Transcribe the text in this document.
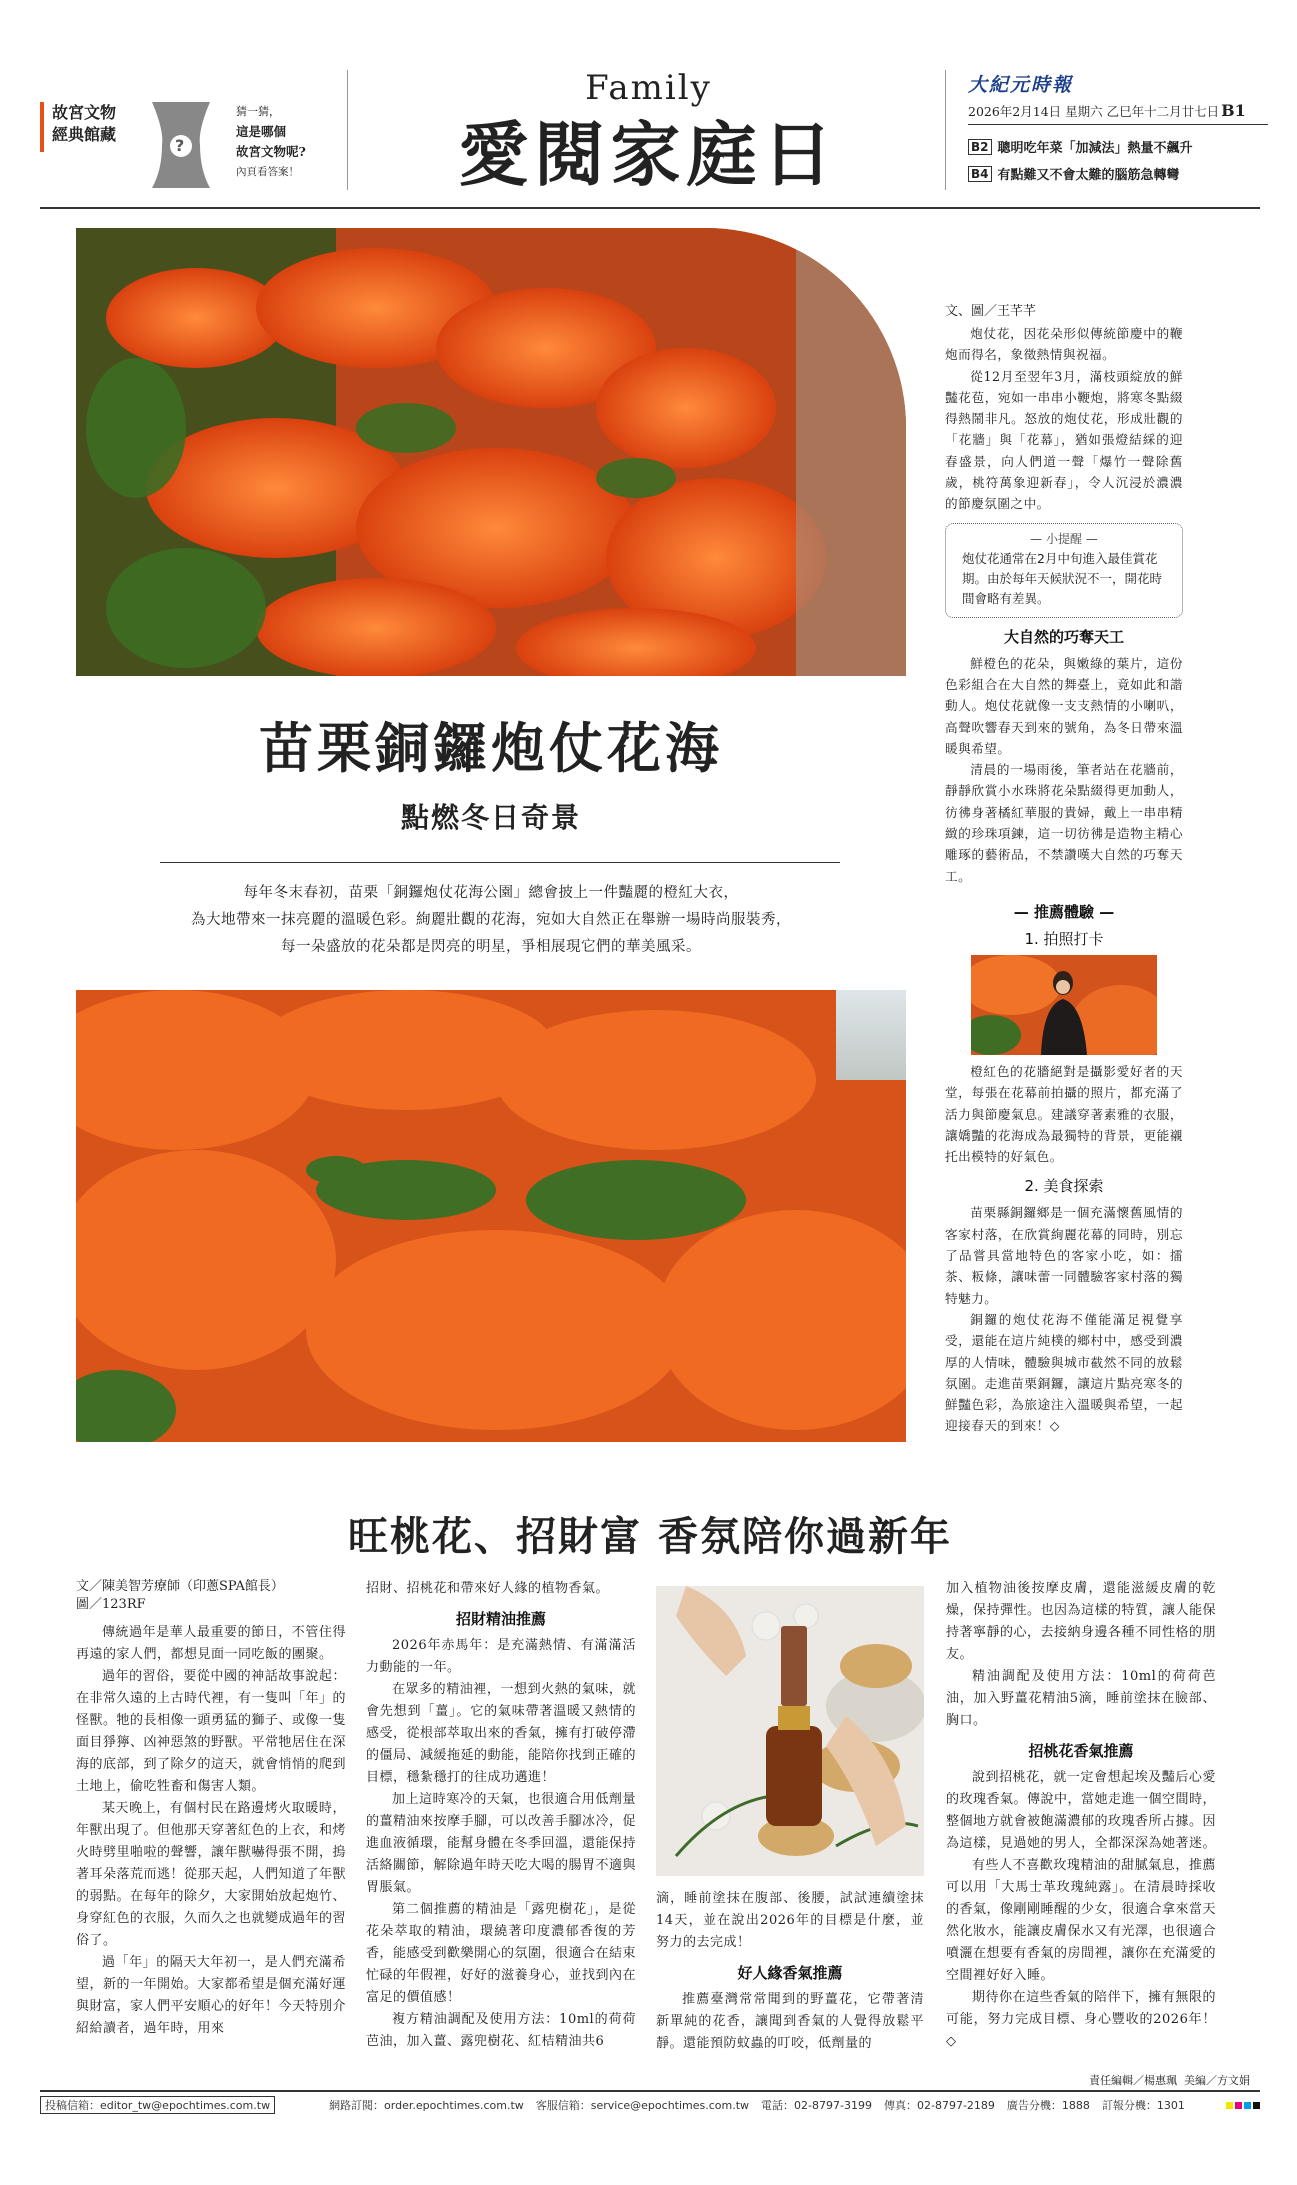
故宮文物
經典館藏
?
猜一猜，
這是哪個
故宮文物呢?
內頁看答案！
Family
愛閱家庭日
大紀元時報
2026年2月14日 星期六 乙巳年十二月廿七日 B1
B2 聰明吃年菜「加減法」熱量不飆升
B4 有點難又不會太難的腦筋急轉彎
苗栗銅鑼炮仗花海
點燃冬日奇景
每年冬末春初，苗栗「銅鑼炮仗花海公園」總會披上一件豔麗的橙紅大衣，
為大地帶來一抹亮麗的溫暖色彩。絢麗壯觀的花海，宛如大自然正在舉辦一場時尚服裝秀，
每一朵盛放的花朵都是閃亮的明星，爭相展現它們的華美風采。
文、圖／王芊芊

炮仗花，因花朵形似傳統節慶中的鞭炮而得名，象徵熱情與祝福。

從12月至翌年3月，滿枝頭綻放的鮮豔花苞，宛如一串串小鞭炮，將寒冬點綴得熱鬧非凡。怒放的炮仗花，形成壯觀的「花牆」與「花幕」，猶如張燈結綵的迎春盛景，向人們道一聲「爆竹一聲除舊歲，桃符萬象迎新春」，令人沉浸於濃濃的節慶氛圍之中。

— 小提醒 —
炮仗花通常在2月中旬進入最佳賞花期。由於每年天候狀況不一，開花時間會略有差異。
大自然的巧奪天工

鮮橙色的花朵，與嫩綠的葉片，這份色彩組合在大自然的舞臺上，竟如此和諧動人。炮仗花就像一支支熱情的小喇叭，高聲吹響春天到來的號角，為冬日帶來溫暖與希望。

清晨的一場雨後，筆者站在花牆前，靜靜欣賞小水珠將花朵點綴得更加動人，彷彿身著橘紅華服的貴婦，戴上一串串精緻的珍珠項鍊，這一切彷彿是造物主精心雕琢的藝術品，不禁讚嘆大自然的巧奪天工。

— 推薦體驗 —
1. 拍照打卡

橙紅色的花牆絕對是攝影愛好者的天堂，每張在花幕前拍攝的照片，都充滿了活力與節慶氣息。建議穿著素雅的衣服，讓嬌豔的花海成為最獨特的背景，更能襯托出模特的好氣色。

2. 美食探索

苗栗縣銅鑼鄉是一個充滿懷舊風情的客家村落，在欣賞絢麗花幕的同時，別忘了品嘗具當地特色的客家小吃，如：擂茶、粄條，讓味蕾一同體驗客家村落的獨特魅力。

銅鑼的炮仗花海不僅能滿足視覺享受，還能在這片純樸的鄉村中，感受到濃厚的人情味，體驗與城市截然不同的放鬆氛圍。走進苗栗銅鑼，讓這片點亮寒冬的鮮豔色彩，為旅途注入溫暖與希望，一起迎接春天的到來！◇

旺桃花、招財富 香氛陪你過新年
文／陳美智芳療師（印蔥SPA館長）
圖／123RF

傳統過年是華人最重要的節日，不管住得再遠的家人們，都想見面一同吃飯的團聚。

過年的習俗，要從中國的神話故事說起：在非常久遠的上古時代裡，有一隻叫「年」的怪獸。牠的長相像一頭勇猛的獅子、或像一隻面目猙獰、凶神惡煞的野獸。平常牠居住在深海的底部，到了除夕的這天，就會悄悄的爬到土地上，偷吃牲畜和傷害人類。

某天晚上，有個村民在路邊烤火取暖時，年獸出現了。但他那天穿著紅色的上衣，和烤火時劈里啪啦的聲響，讓年獸嚇得張不開，摀著耳朵落荒而逃！從那天起，人們知道了年獸的弱點。在每年的除夕，大家開始放起炮竹、身穿紅色的衣服，久而久之也就變成過年的習俗了。

過「年」的隔天大年初一，是人們充滿希望，新的一年開始。大家都希望是個充滿好運與財富，家人們平安順心的好年！今天特別介紹給讀者，過年時，用來

招財、招桃花和帶來好人緣的植物香氣。

招財精油推薦

2026年赤馬年：是充滿熱情、有滿滿活力動能的一年。

在眾多的精油裡，一想到火熱的氣味，就會先想到「薑」。它的氣味帶著溫暖又熱情的感受，從根部萃取出來的香氣，擁有打破停滯的僵局、減緩拖延的動能，能陪你找到正確的目標，穩紮穩打的往成功邁進！

加上這時寒冷的天氣，也很適合用低劑量的薑精油來按摩手腳，可以改善手腳冰冷，促進血液循環，能幫身體在冬季回溫，還能保持活絡關節，解除過年時天吃大喝的腸胃不適與胃脹氣。

第二個推薦的精油是「露兜樹花」，是從花朵萃取的精油，環繞著印度濃郁香復的芳香，能感受到歡樂開心的氛圍，很適合在結束忙碌的年假裡，好好的滋養身心，並找到內在富足的價值感！

複方精油調配及使用方法：10ml的荷荷芭油，加入薑、露兜樹花、紅桔精油共6

滴，睡前塗抹在腹部、後腰，試試連續塗抹14天，並在說出2026年的目標是什麼，並努力的去完成！

好人緣香氣推薦

推薦臺灣常常聞到的野薑花，它帶著清新單純的花香，讓聞到香氣的人覺得放鬆平靜。還能預防蚊蟲的叮咬，低劑量的

加入植物油後按摩皮膚，還能滋緩皮膚的乾燥，保持彈性。也因為這樣的特質，讓人能保持著寧靜的心，去接納身邊各種不同性格的朋友。

精油調配及使用方法：10ml的荷荷芭油，加入野薑花精油5滴，睡前塗抹在臉部、胸口。

招桃花香氣推薦

說到招桃花，就一定會想起埃及豔后心愛的玫瑰香氣。傳說中，當她走進一個空間時，整個地方就會被飽滿濃郁的玫瑰香所占據。因為這樣，見過她的男人，全都深深為她著迷。

有些人不喜歡玫瑰精油的甜膩氣息，推薦可以用「大馬士革玫瑰純露」。在清晨時採收的香氣，像剛剛睡醒的少女，很適合拿來當天然化妝水，能讓皮膚保水又有光澤，也很適合噴灑在想要有香氣的房間裡，讓你在充滿愛的空間裡好好入睡。

期待你在這些香氣的陪伴下，擁有無限的可能，努力完成目標、身心豐收的2026年！◇

責任編輯／楊惠珮  美編／方文娟
投稿信箱：editor_tw@epochtimes.com.tw	網路訂閱：order.epochtimes.com.tw 客服信箱：service@epochtimes.com.tw 電話：02-8797-3199 傳真：02-8797-2189 廣告分機：1888 訂報分機：1301
